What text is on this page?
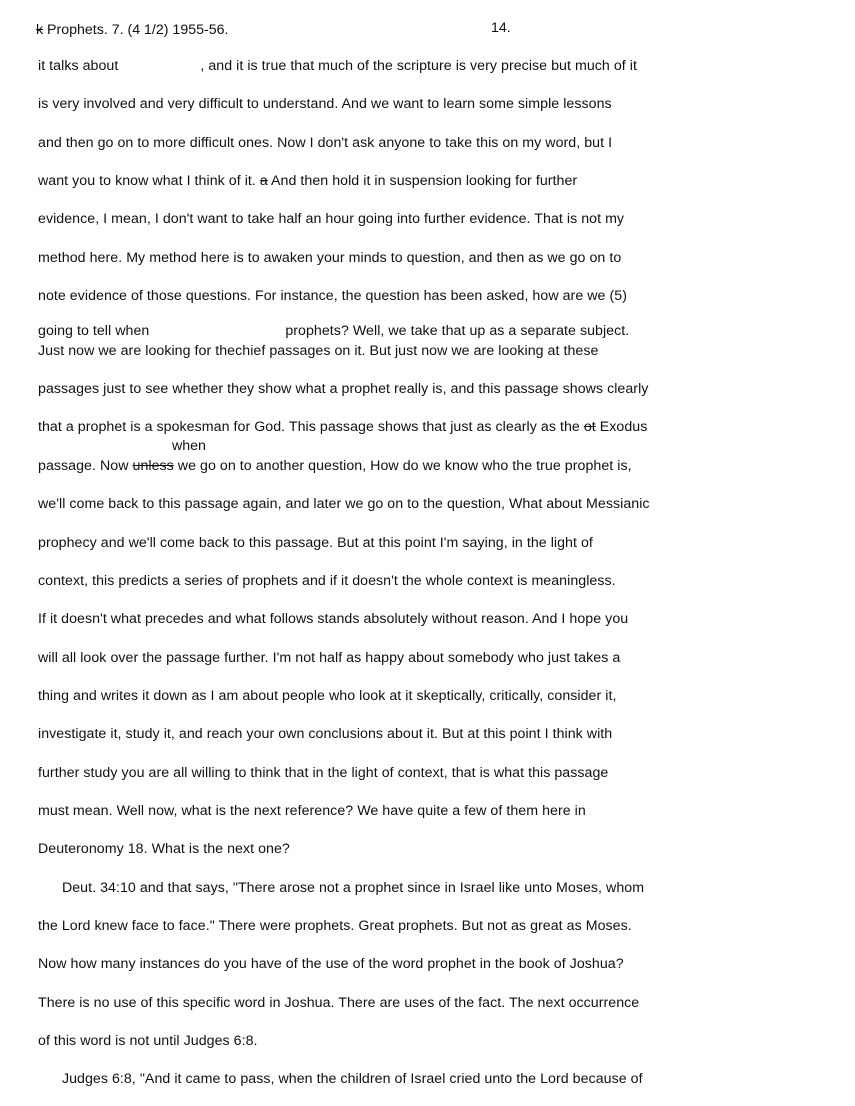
k Prophets. 7. (4 1/2) 1955-56.	14.
it talks about	, and it is true that much of the scripture is very precise but much of it
is very involved and very difficult to understand. And we want to learn some simple lessons
and then go on to more difficult ones. Now I don't ask anyone to take this on my word, but I
want you to know what I think of it. a And then hold it in suspension looking for further
evidence, I mean, I don't want to take half an hour going into further evidence. That is not my
method here. My method here is to awaken your minds to question, and then as we go on to
note evidence of those questions. For instance, the question has been asked, how are we (5)
going to tell when	prophets? Well, we take that up as a separate subject.
Just now we are looking for thechief passages on it. But just now we are looking at these
passages just to see whether they show what a prophet really is, and this passage shows clearly
that a prophet is a spokesman for God. This passage shows that just as clearly as the ot Exodus
when
passage. Now unless we go on to another question, How do we know who the true prophet is,
we'll come back to this passage again, and later we go on to the question, What about Messianic
prophecy and we'll come back to this passage. But at this point I'm saying, in the light of
context, this predicts a series of prophets and if it doesn't the whole context is meaningless.
If it doesn't what precedes and what follows stands absolutely without reason. And I hope you
will all look over the passage further. I'm not half as happy about somebody who just takes a
thing and writes it down as I am about people who look at it skeptically, critically, consider it,
investigate it, study it, and reach your own conclusions about it. But at this point I think with
further study you are all willing to think that in the light of context, that is what this passage
must mean. Well now, what is the next reference? We have quite a few of them here in
Deuteronomy 18. What is the next one?
Deut. 34:10 and that says, "There arose not a prophet since in Israel like unto Moses, whom
the Lord knew face to face." There were prophets. Great prophets. But not as great as Moses.
Now how many instances do you have of the use of the word prophet in the book of Joshua?
There is no use of this specific word in Joshua. There are uses of the fact. The next occurrence
of this word is not until Judges 6:8.
Judges 6:8, "And it came to pass, when the children of Israel cried unto the Lord because of
